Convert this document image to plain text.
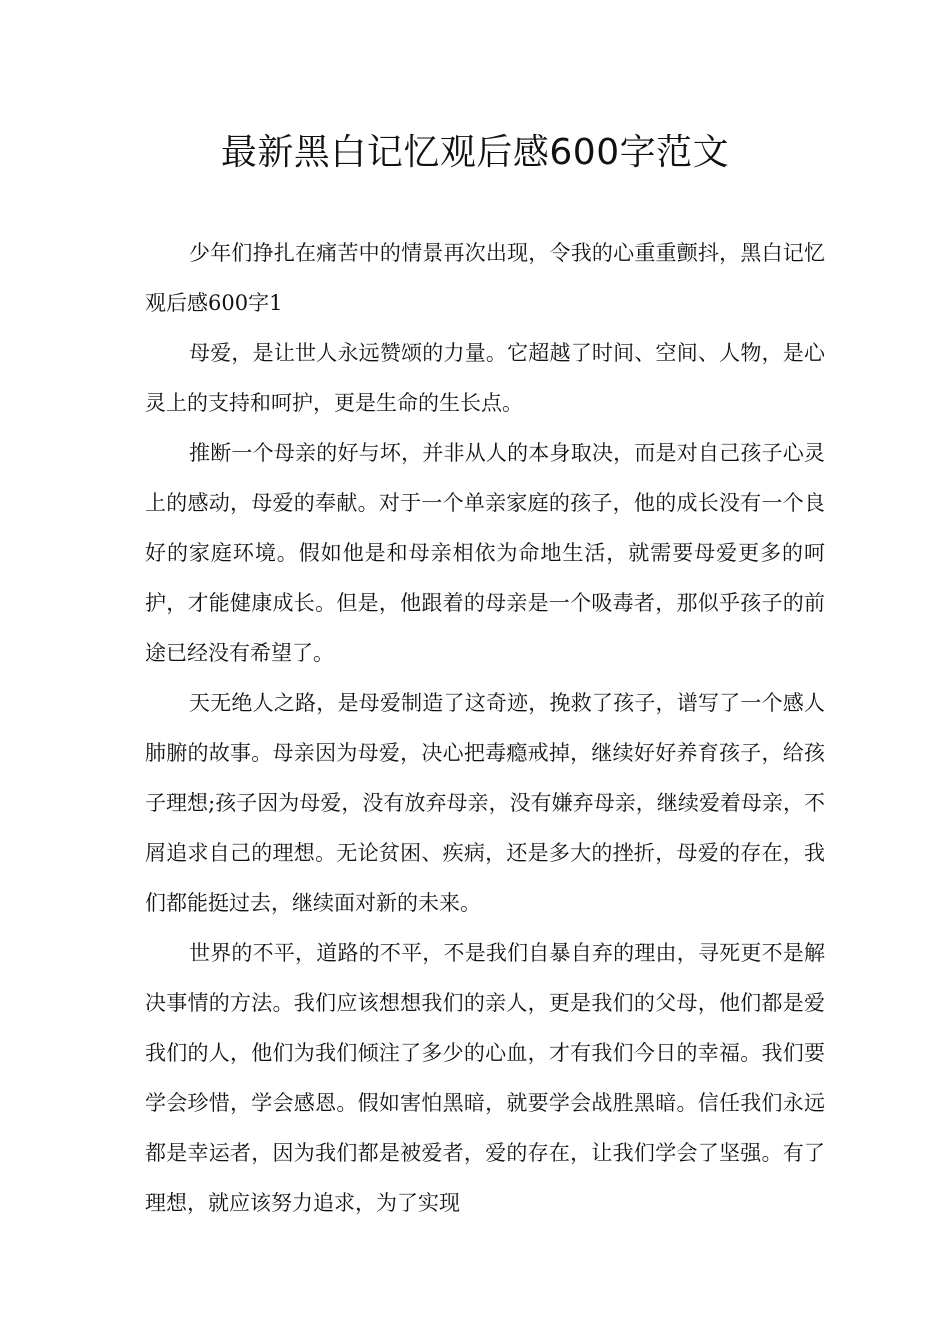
最新黑白记忆观后感600字范文

少年们挣扎在痛苦中的情景再次出现，令我的心重重颤抖，黑白记忆观后感600字1

母爱，是让世人永远赞颂的力量。它超越了时间、空间、人物，是心灵上的支持和呵护，更是生命的生长点。

推断一个母亲的好与坏，并非从人的本身取决，而是对自己孩子心灵上的感动，母爱的奉献。对于一个单亲家庭的孩子，他的成长没有一个良好的家庭环境。假如他是和母亲相依为命地生活，就需要母爱更多的呵护，才能健康成长。但是，他跟着的母亲是一个吸毒者，那似乎孩子的前途已经没有希望了。

天无绝人之路，是母爱制造了这奇迹，挽救了孩子，谱写了一个感人肺腑的故事。母亲因为母爱，决心把毒瘾戒掉，继续好好养育孩子，给孩子理想;孩子因为母爱，没有放弃母亲，没有嫌弃母亲，继续爱着母亲，不屑追求自己的理想。无论贫困、疾病，还是多大的挫折，母爱的存在，我们都能挺过去，继续面对新的未来。

世界的不平，道路的不平，不是我们自暴自弃的理由，寻死更不是解决事情的方法。我们应该想想我们的亲人，更是我们的父母，他们都是爱我们的人，他们为我们倾注了多少的心血，才有我们今日的幸福。我们要学会珍惜，学会感恩。假如害怕黑暗，就要学会战胜黑暗。信任我们永远都是幸运者，因为我们都是被爱者，爱的存在，让我们学会了坚强。有了理想，就应该努力追求，为了实现
